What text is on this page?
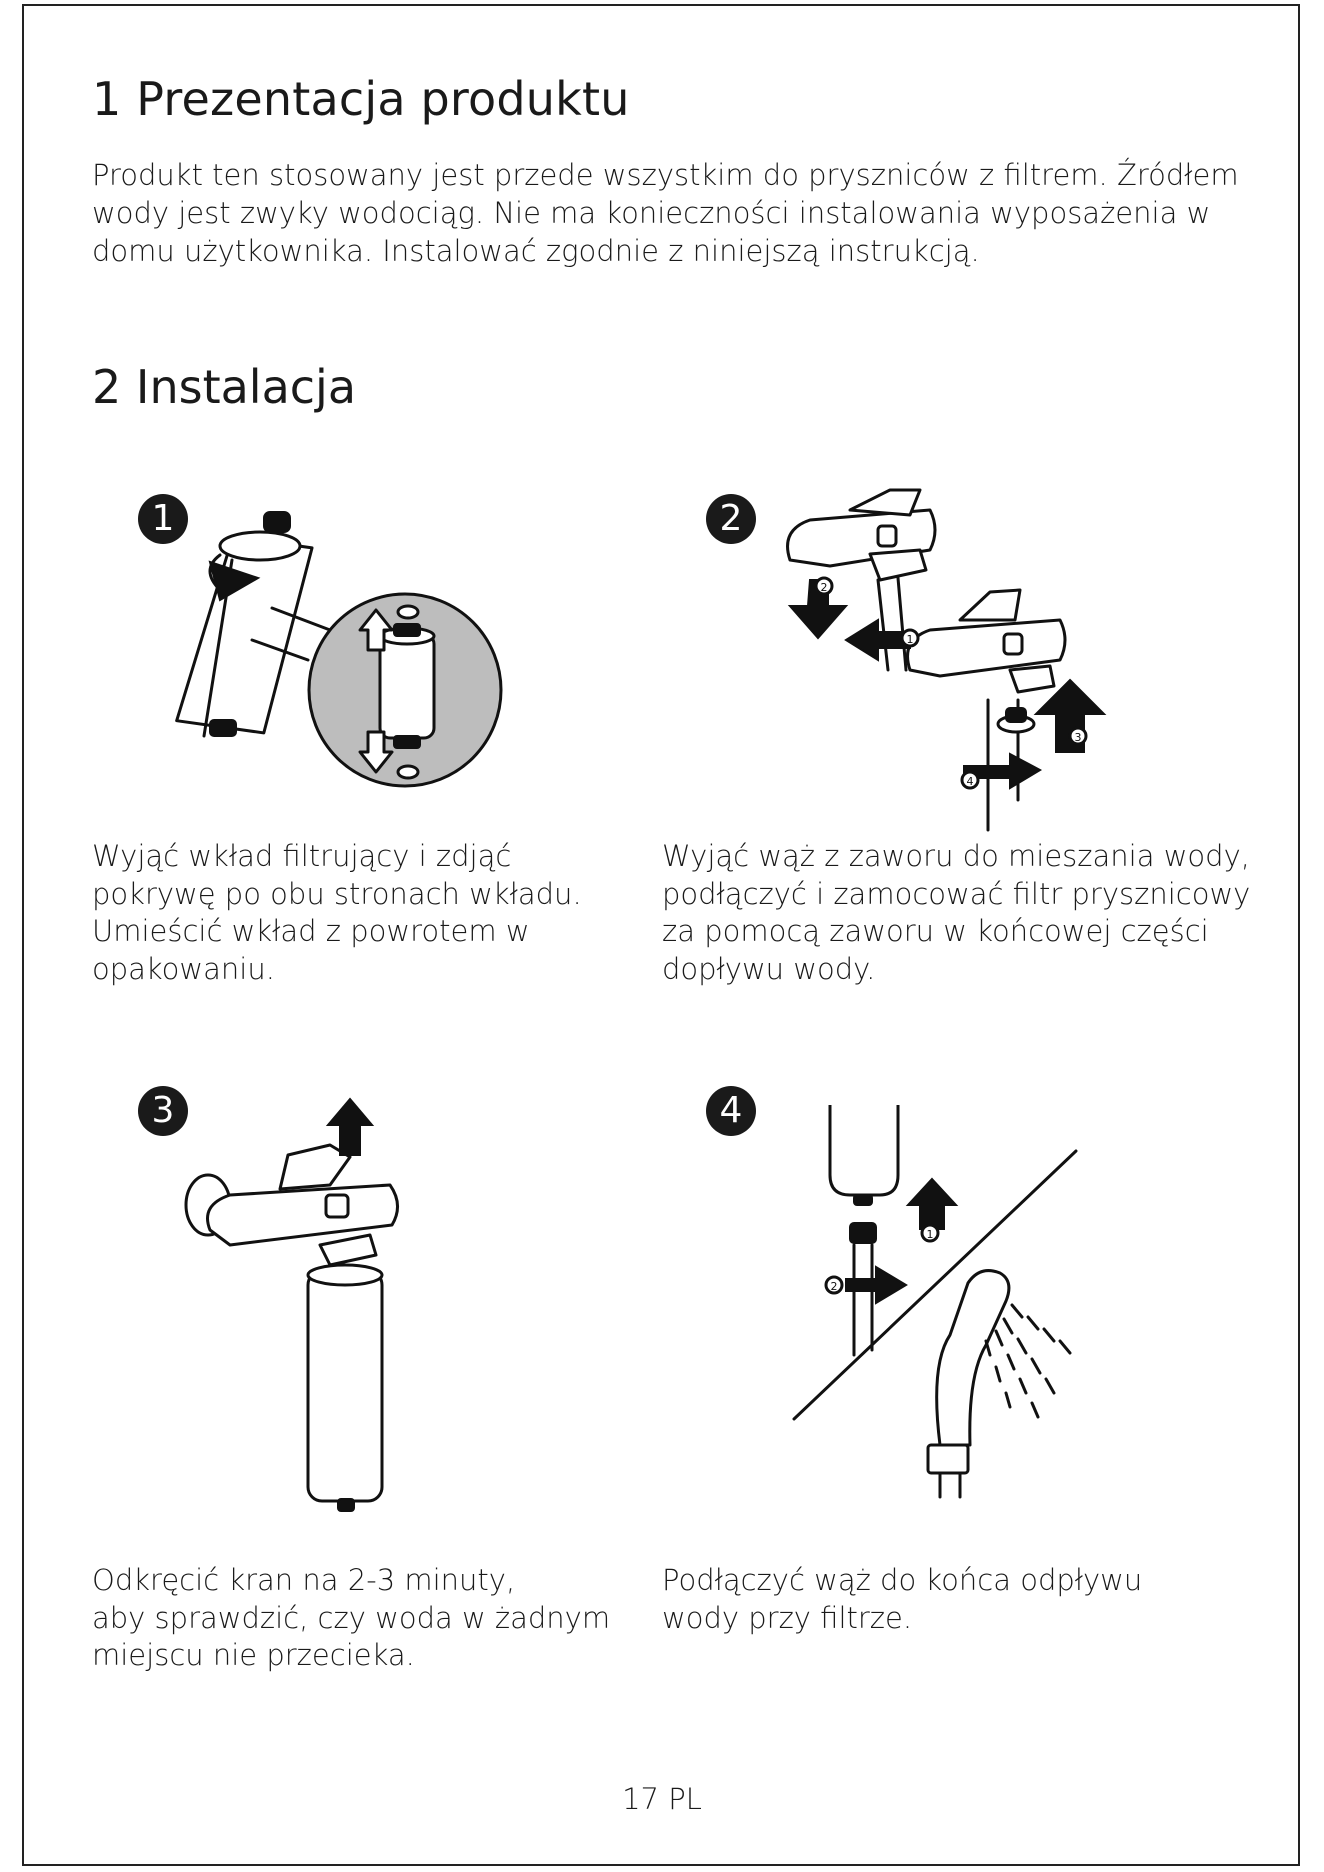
1 Prezentacja produktu
Produkt ten stosowany jest przede wszystkim do pryszniców z filtrem. Źródłem wody jest zwyky wodociąg. Nie ma konieczności instalowania wyposażenia w domu użytkownika. Instalować zgodnie z niniejszą instrukcją.
2 Instalacja
1	2
2
1
3
4
Wyjąć wkład filtrujący i zdjąć
pokrywę po obu stronach wkładu.
Umieścić wkład z powrotem w
opakowaniu.
Wyjąć wąż z zaworu do mieszania wody,
podłączyć i zamocować filtr prysznicowy
za pomocą zaworu w końcowej części
dopływu wody.
3	4
1
2
Odkręcić kran na 2-3 minuty,
aby sprawdzić, czy woda w żadnym
miejscu nie przecieka.
Podłączyć wąż do końca odpływu
wody przy filtrze.
17 PL
